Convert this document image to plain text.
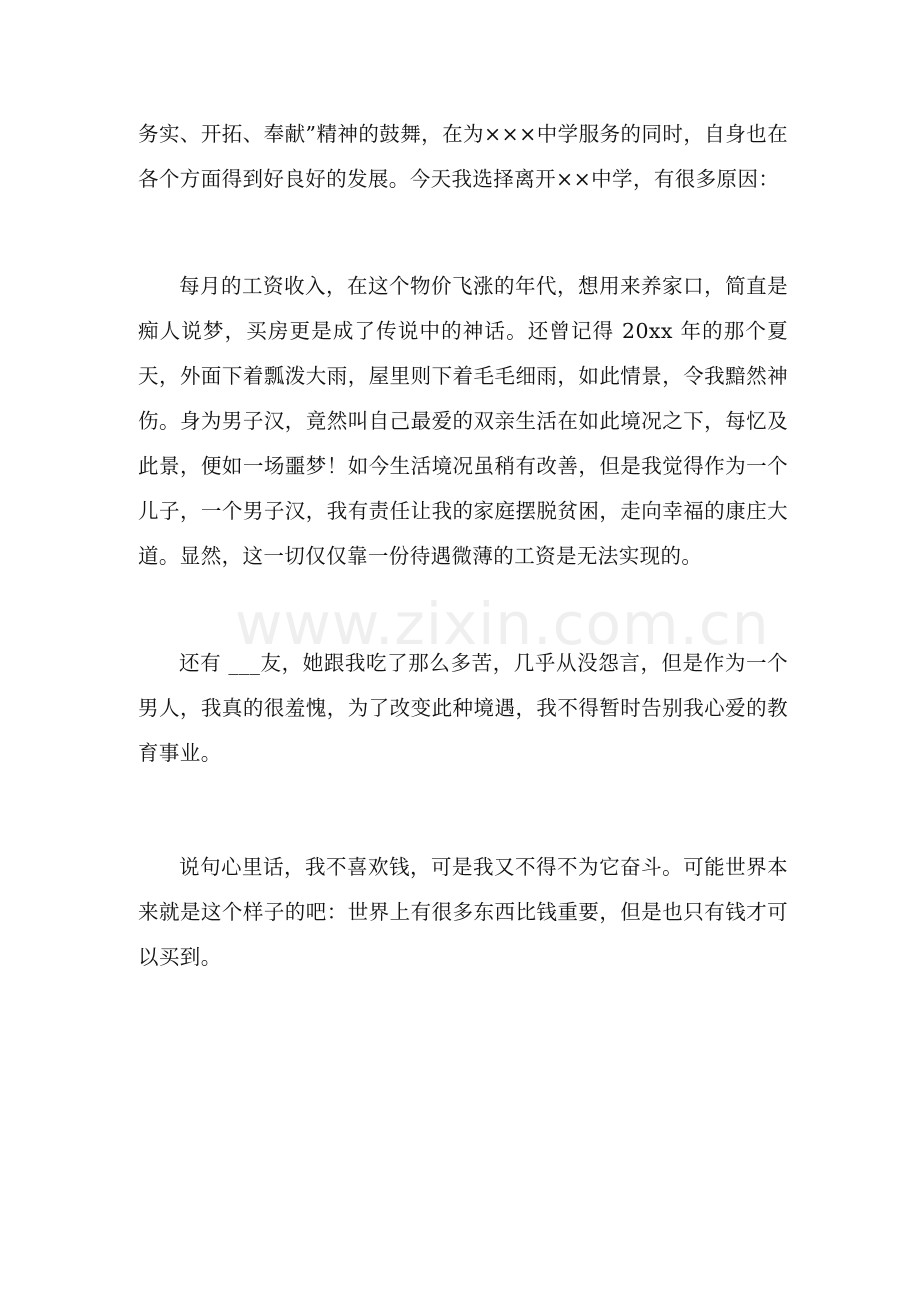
务实、开拓、奉献”精神的鼓舞，在为×××中学服务的同时，自身也在各个方面得到好良好的发展。今天我选择离开××中学，有很多原因：

每月的工资收入，在这个物价飞涨的年代，想用来养家口，简直是痴人说梦，买房更是成了传说中的神话。还曾记得 20xx 年的那个夏天，外面下着瓢泼大雨，屋里则下着毛毛细雨，如此情景，令我黯然神伤。身为男子汉，竟然叫自己最爱的双亲生活在如此境况之下，每忆及此景，便如一场噩梦！如今生活境况虽稍有改善，但是我觉得作为一个儿子，一个男子汉，我有责任让我的家庭摆脱贫困，走向幸福的康庄大道。显然，这一切仅仅靠一份待遇微薄的工资是无法实现的。

还有 ___友，她跟我吃了那么多苦，几乎从没怨言，但是作为一个男人，我真的很羞愧，为了改变此种境遇，我不得暂时告别我心爱的教育事业。

说句心里话，我不喜欢钱，可是我又不得不为它奋斗。可能世界本来就是这个样子的吧：世界上有很多东西比钱重要，但是也只有钱才可以买到。

www.zixin.com.cn
